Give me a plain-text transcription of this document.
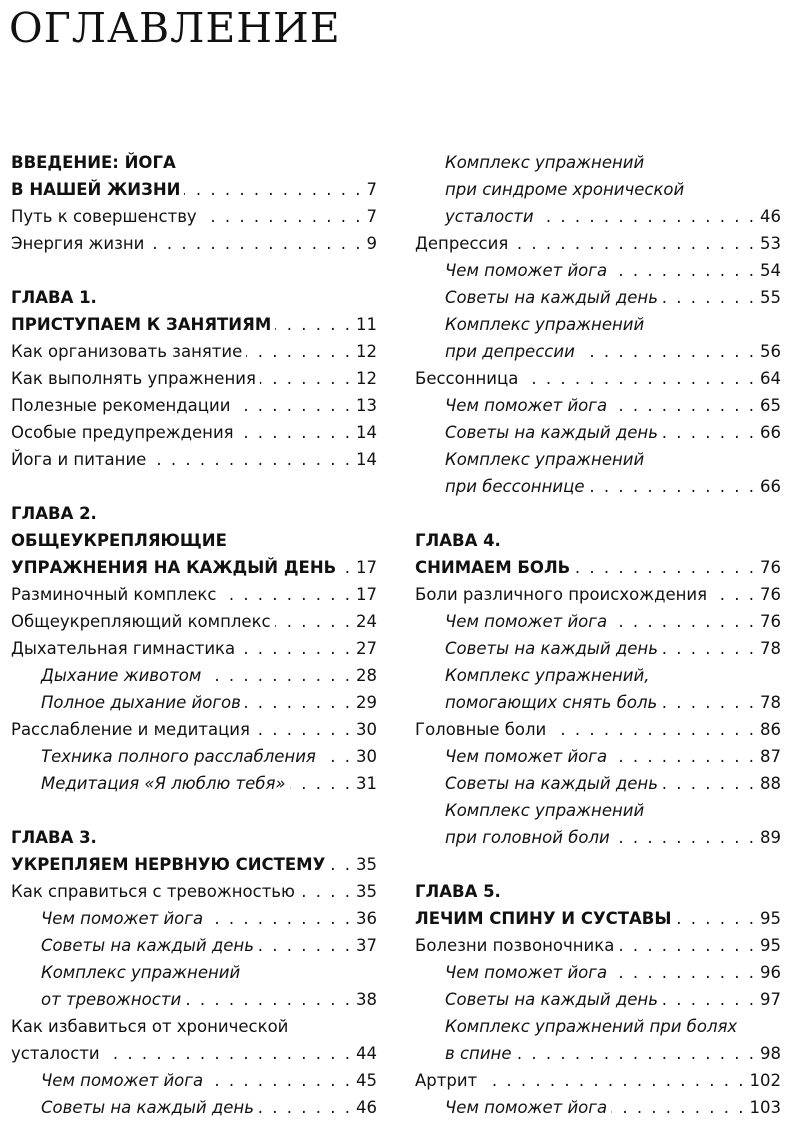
ОГЛАВЛЕНИЕ
ВВЕДЕНИЕ: ЙОГА
В НАШЕЙ ЖИЗНИ . . .	7
Путь к совершенству . . .	7
Энергия жизни . . .	9
ГЛАВА 1.
ПРИСТУПАЕМ К ЗАНЯТИЯМ . . .	11
Как организовать занятие . . .	12
Как выполнять упражнения . . .	12
Полезные рекомендации . . .	13
Особые предупреждения . . .	14
Йога и питание . . .	14
ГЛАВА 2.
ОБЩЕУКРЕПЛЯЮЩИЕ
УПРАЖНЕНИЯ НА КАЖДЫЙ ДЕНЬ . . . 17
Разминочный комплекс . . .	17
Общеукрепляющий комплекс . . .	24
Дыхательная гимнастика . . .	27
Дыхание животом . . .	28
Полное дыхание йогов . . .	29
Расслабление и медитация . . .	30
Техника полного расслабления . . . 30
Медитация «Я люблю тебя» . . .	31
ГЛАВА 3.
УКРЕПЛЯЕМ НЕРВНУЮ СИСТЕМУ . . . 35
Как справиться с тревожностью . . .	35
Чем поможет йога . . .	36
Советы на каждый день . . .	37
Комплекс упражнений
от тревожности . . .	38
Как избавиться от хронической
усталости . . .	44
Чем поможет йога . . .	45
Советы на каждый день . . .	46
Комплекс упражнений
при синдроме хронической
усталости . . .	46
Депрессия . . .	53
Чем поможет йога . . .	54
Советы на каждый день . . .	55
Комплекс упражнений
при депрессии . . .	56
Бессонница . . .	64
Чем поможет йога . . .	65
Советы на каждый день . . .	66
Комплекс упражнений
при бессоннице . . .	66
ГЛАВА 4.
СНИМАЕМ БОЛЬ . . .	76
Боли различного происхождения . . .	76
Чем поможет йога . . .	76
Советы на каждый день . . .	78
Комплекс упражнений,
помогающих снять боль . . .	78
Головные боли . . .	86
Чем поможет йога . . .	87
Советы на каждый день . . .	88
Комплекс упражнений
при головной боли . . .	89
ГЛАВА 5.
ЛЕЧИМ СПИНУ И СУСТАВЫ . . .	95
Болезни позвоночника . . .	95
Чем поможет йога . . .	96
Советы на каждый день . . .	97
Комплекс упражнений при болях
в спине . . .	98
Артрит . . .	102
Чем поможет йога . . .	103
